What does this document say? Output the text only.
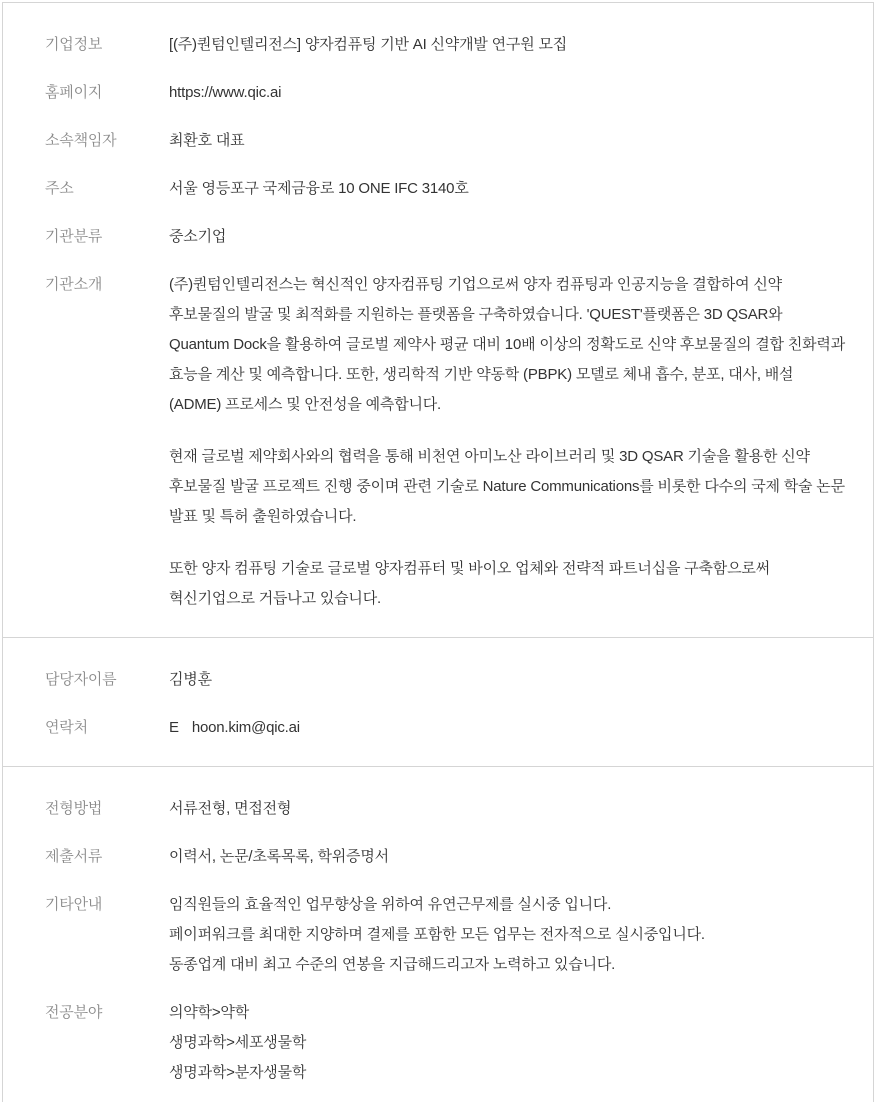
기업정보	[(주)퀀텀인텔리전스] 양자컴퓨팅 기반 AI 신약개발 연구원 모집
홈페이지	https://www.qic.ai
소속책임자	최환호 대표
주소	서울 영등포구 국제금융로 10 ONE IFC 3140호
기관분류	중소기업
기관소개	(주)퀀텀인텔리전스는 혁신적인 양자컴퓨팅 기업으로써 양자 컴퓨팅과 인공지능을 결합하여 신약 후보물질의 발굴 및 최적화를 지원하는 플랫폼을 구축하였습니다. 'QUEST'플랫폼은 3D QSAR와 Quantum Dock을 활용하여 글로벌 제약사 평균 대비 10배 이상의 정확도로 신약 후보물질의 결합 친화력과 효능을 계산 및 예측합니다. 또한, 생리학적 기반 약동학 (PBPK) 모델로 체내 흡수, 분포, 대사, 배설 (ADME) 프로세스 및 안전성을 예측합니다.

현재 글로벌 제약회사와의 협력을 통해 비천연 아미노산 라이브러리 및 3D QSAR 기술을 활용한 신약 후보물질 발굴 프로젝트 진행 중이며 관련 기술로 Nature Communications를 비롯한 다수의 국제 학술 논문 발표 및 특허 출원하였습니다.

또한 양자 컴퓨팅 기술로 글로벌 양자컴퓨터 및 바이오 업체와 전략적 파트너십을 구축함으로써 혁신기업으로 거듭나고 있습니다.

담당자이름	김병훈
연락처	E hoon.kim@qic.ai
전형방법	서류전형, 면접전형
제출서류	이력서, 논문/초록목록, 학위증명서
기타안내	임직원들의 효율적인 업무향상을 위하여 유연근무제를 실시중 입니다.
페이퍼워크를 최대한 지양하며 결제를 포함한 모든 업무는 전자적으로 실시중입니다.
동종업계 대비 최고 수준의 연봉을 지급해드리고자 노력하고 있습니다.
전공분야	의약학>약학
생명과학>세포생물학
생명과학>분자생물학
